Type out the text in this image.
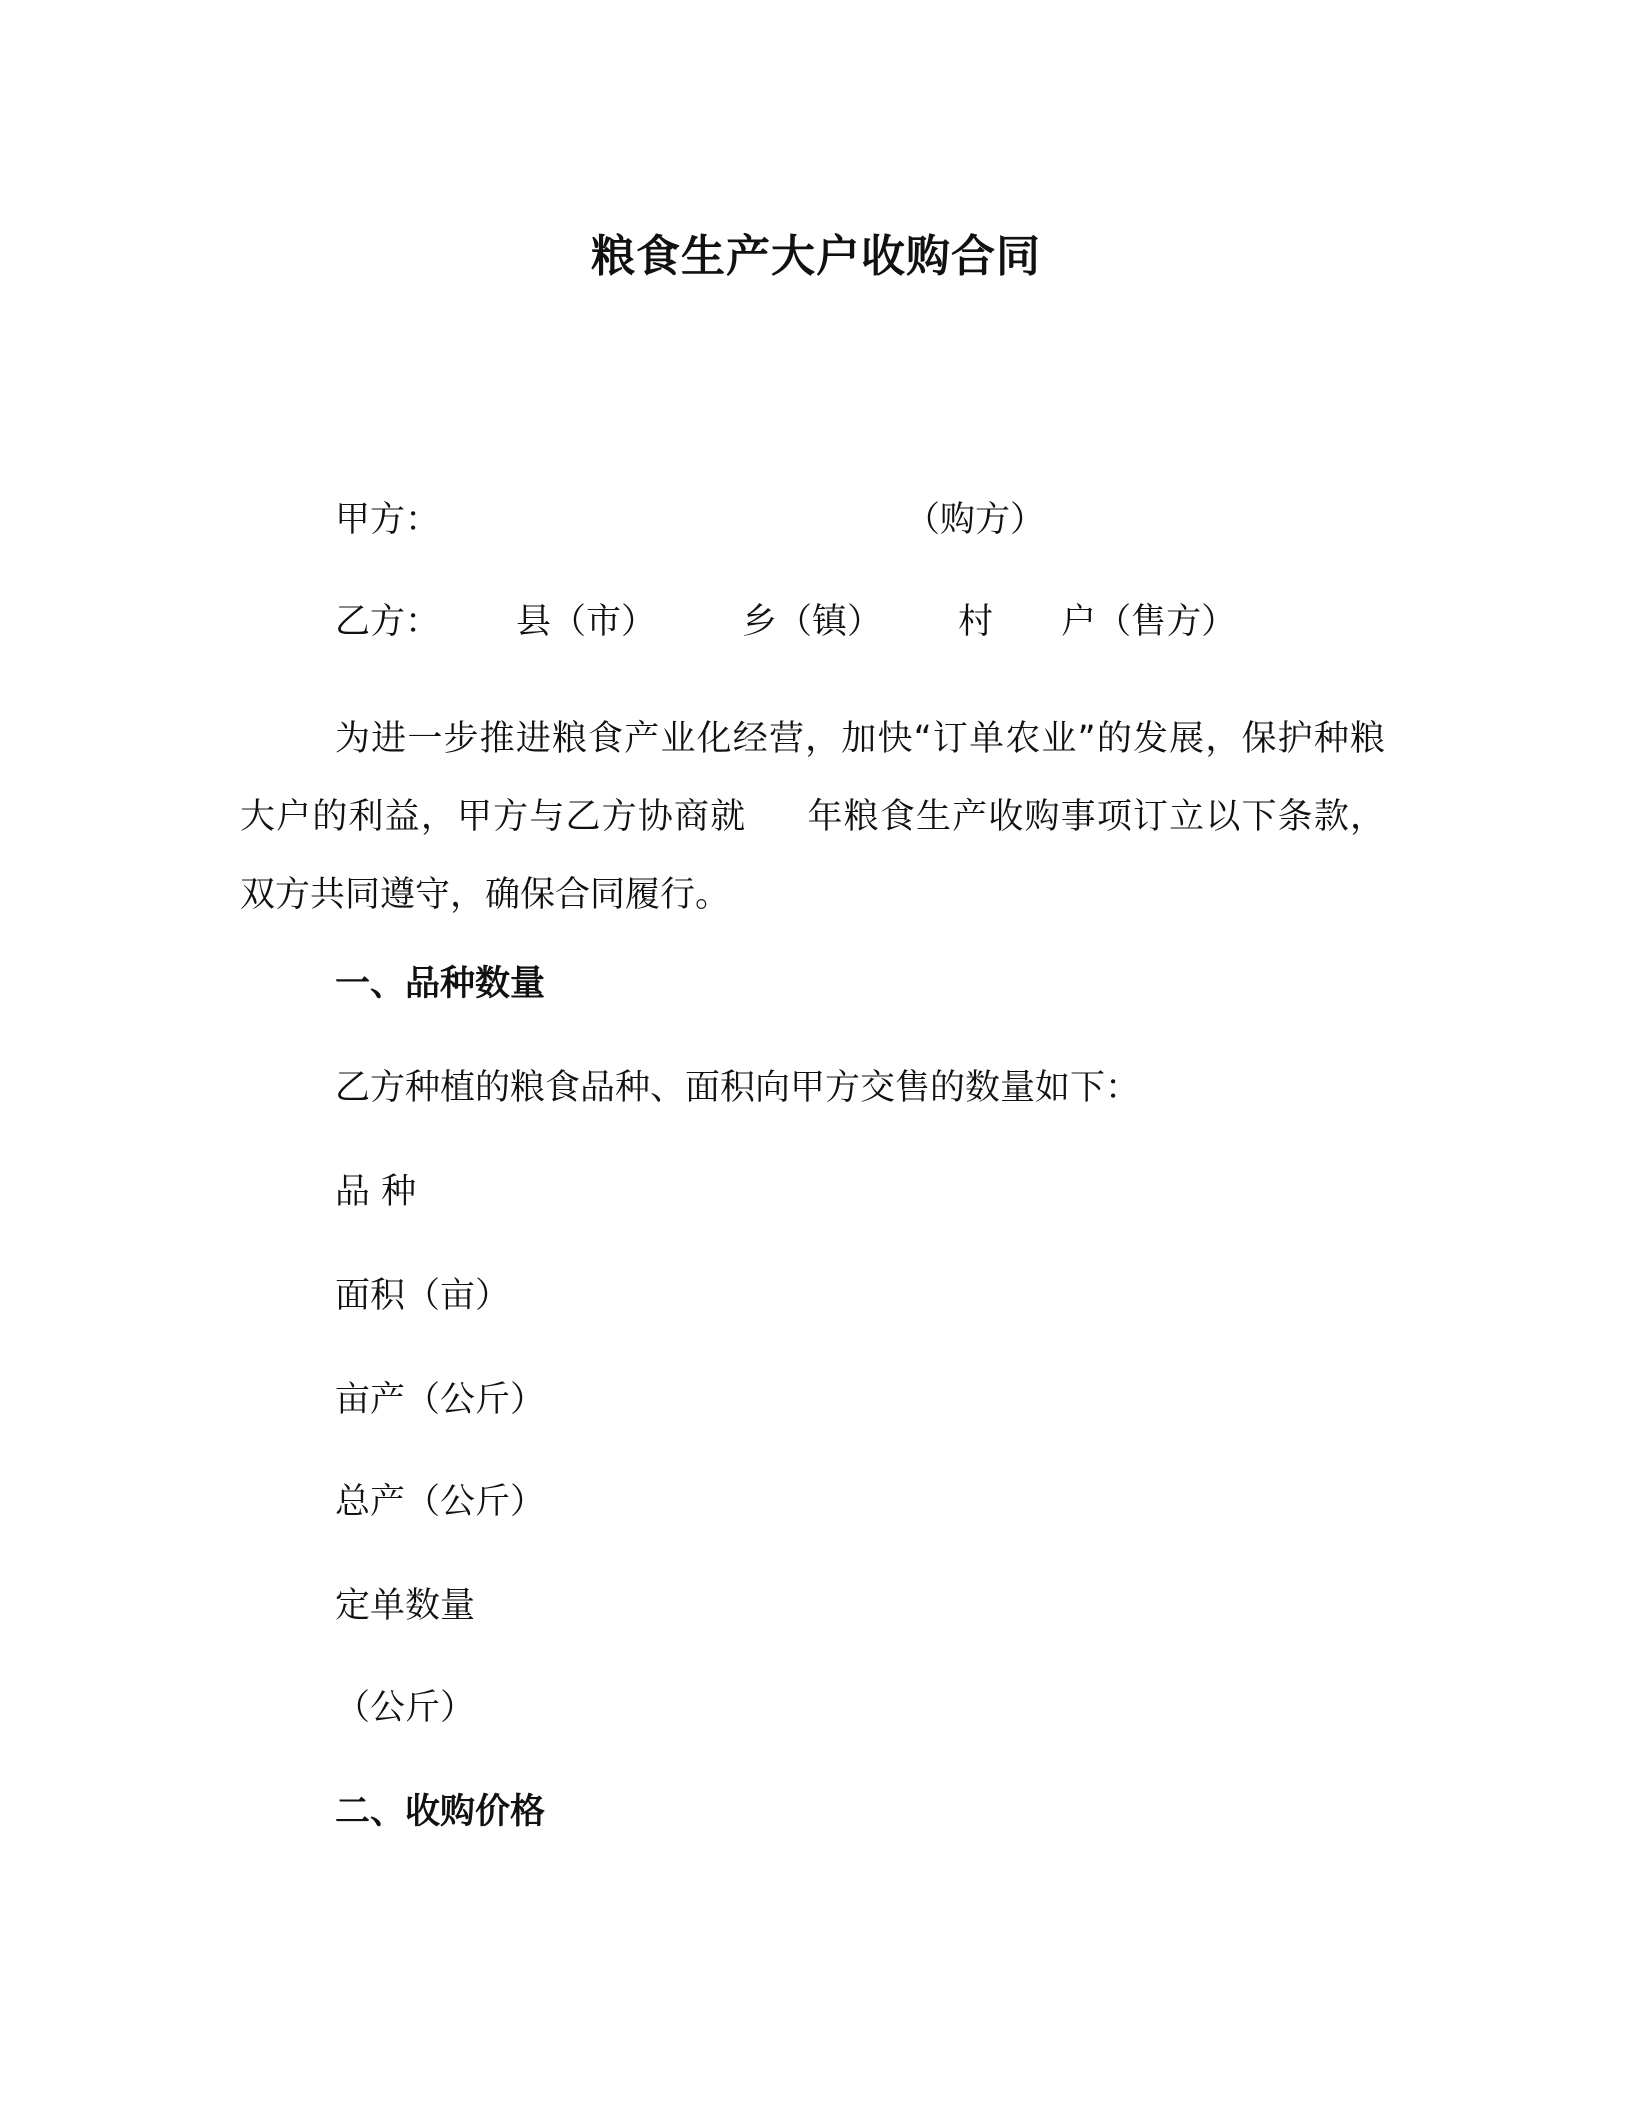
粮食生产大户收购合同
甲方：	（购方）
乙方： 县（市） 乡（镇） 村 户（售方）
为进一步推进粮食产业化经营，加快“订单农业”的发展，保护种粮大户的利益，甲方与乙方协商就 年粮食生产收购事项订立以下条款，双方共同遵守，确保合同履行。
一、品种数量
乙方种植的粮食品种、面积向甲方交售的数量如下：
品 种
面积（亩）
亩产（公斤）
总产（公斤）
定单数量
（公斤）
二、收购价格
